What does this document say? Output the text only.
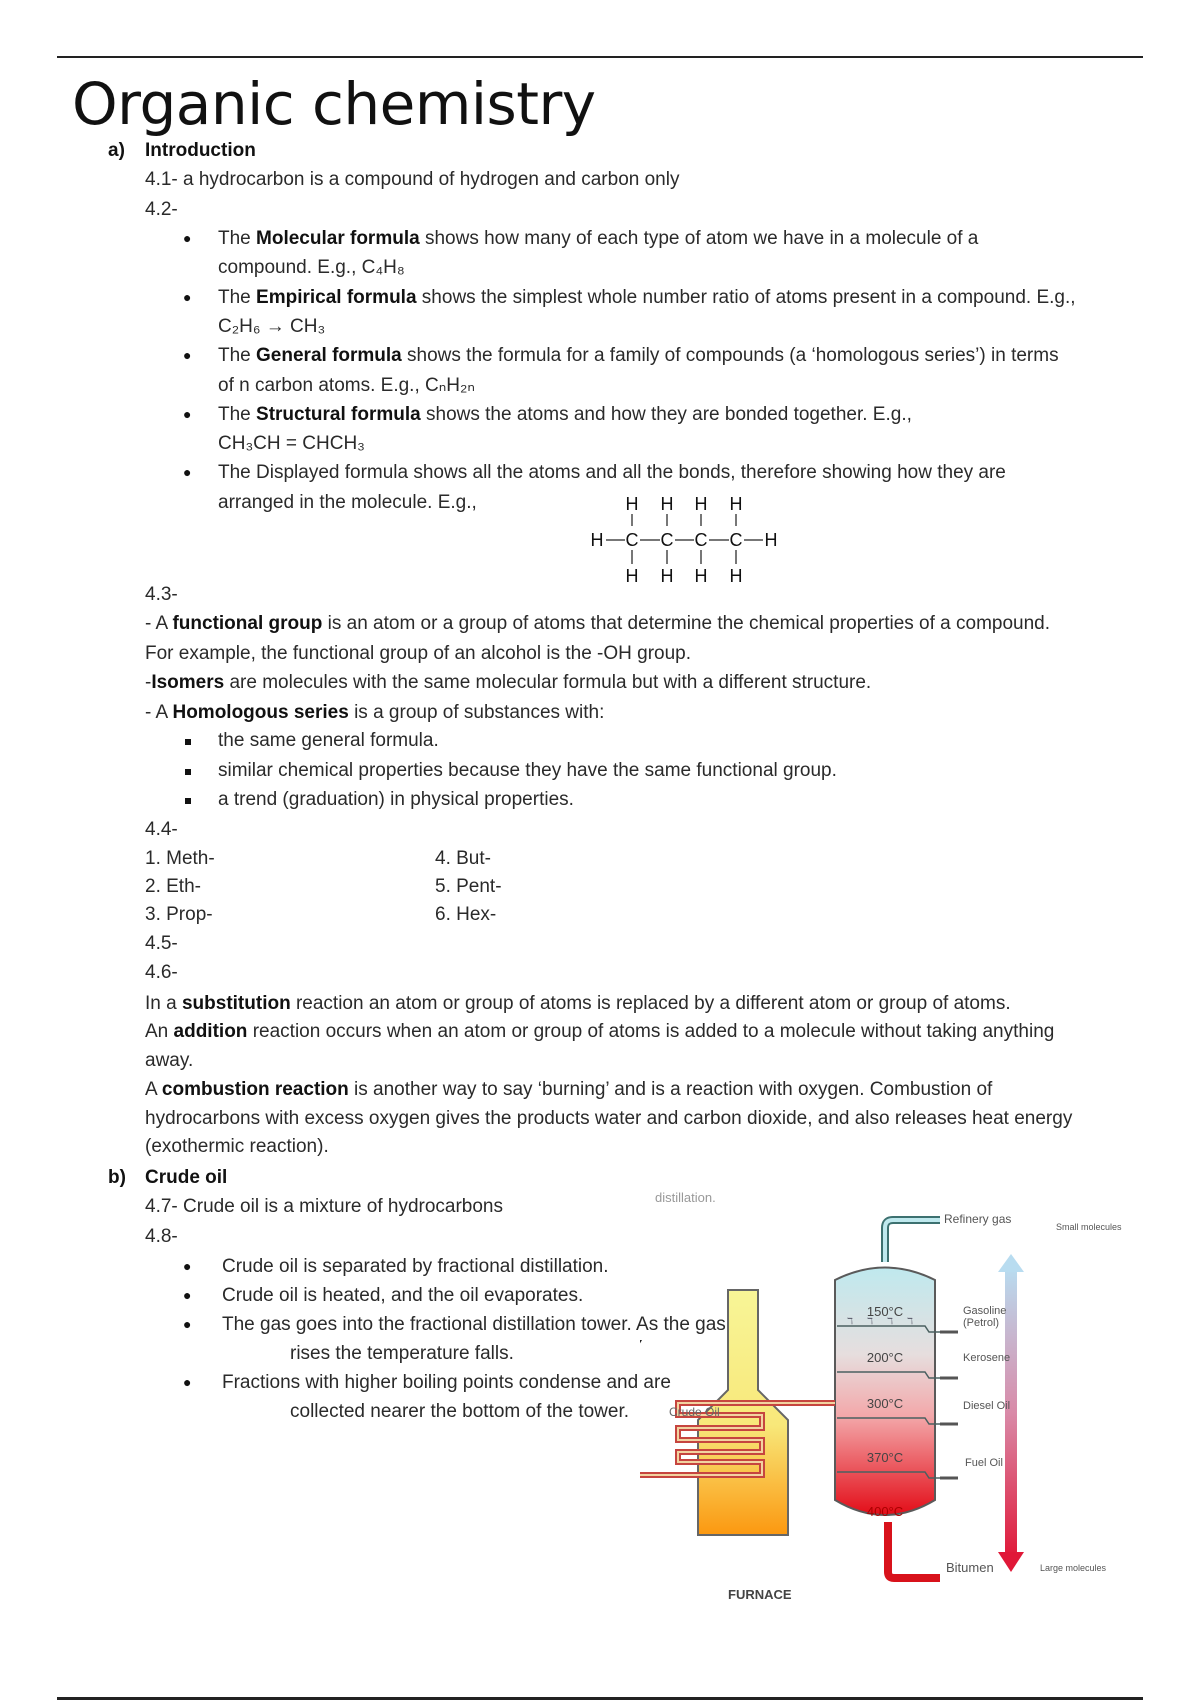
Organic chemistry
a) Introduction
4.1- a hydrocarbon is a compound of hydrogen and carbon only
4.2-
● The Molecular formula shows how many of each type of atom we have in a molecule of a
compound. E.g., C₄H₈
● The Empirical formula shows the simplest whole number ratio of atoms present in a compound. E.g.,
C₂H₆ → CH₃
● The General formula shows the formula for a family of compounds (a ‘homologous series’) in terms
of n carbon atoms. E.g., CₙH₂ₙ
● The Structural formula shows the atoms and how they are bonded together. E.g.,
CH₃CH = CHCH₃
● The Displayed formula shows all the atoms and all the bonds, therefore showing how they are
arranged in the molecule. E.g.,	H H H H
H C C C C H
H H H H
4.3-
- A functional group is an atom or a group of atoms that determine the chemical properties of a compound.
For example, the functional group of an alcohol is the -OH group.
-Isomers are molecules with the same molecular formula but with a different structure.
- A Homologous series is a group of substances with:
the same general formula.
similar chemical properties because they have the same functional group.
a trend (graduation) in physical properties.
4.4-
1. Meth-
2. Eth-
3. Prop-
4. But-
5. Pent-
6. Hex-
4.5-
4.6-
In a substitution reaction an atom or group of atoms is replaced by a different atom or group of atoms.
An addition reaction occurs when an atom or group of atoms is added to a molecule without taking anything
away.
A combustion reaction is another way to say ‘burning’ and is a reaction with oxygen. Combustion of
hydrocarbons with excess oxygen gives the products water and carbon dioxide, and also releases heat energy
(exothermic reaction).
b) Crude oil
4.7- Crude oil is a mixture of hydrocarbons
4.8-
● Crude oil is separated by fractional distillation.
● Crude oil is heated, and the oil evaporates.
● The gas goes into the fractional distillation tower. As the gas
rises the temperature falls.
● Fractions with higher boiling points condense and are
collected nearer the bottom of the tower.
distillation.
ℸ ℸ ℸ ℸ
150°C
200°C
300°C
370°C
400°C
Crude Oil
FURNACE
Refinery gas
Gasoline
(Petrol)
Kerosene
Diesel Oil
Fuel Oil
Bitumen
Small molecules
Large molecules
